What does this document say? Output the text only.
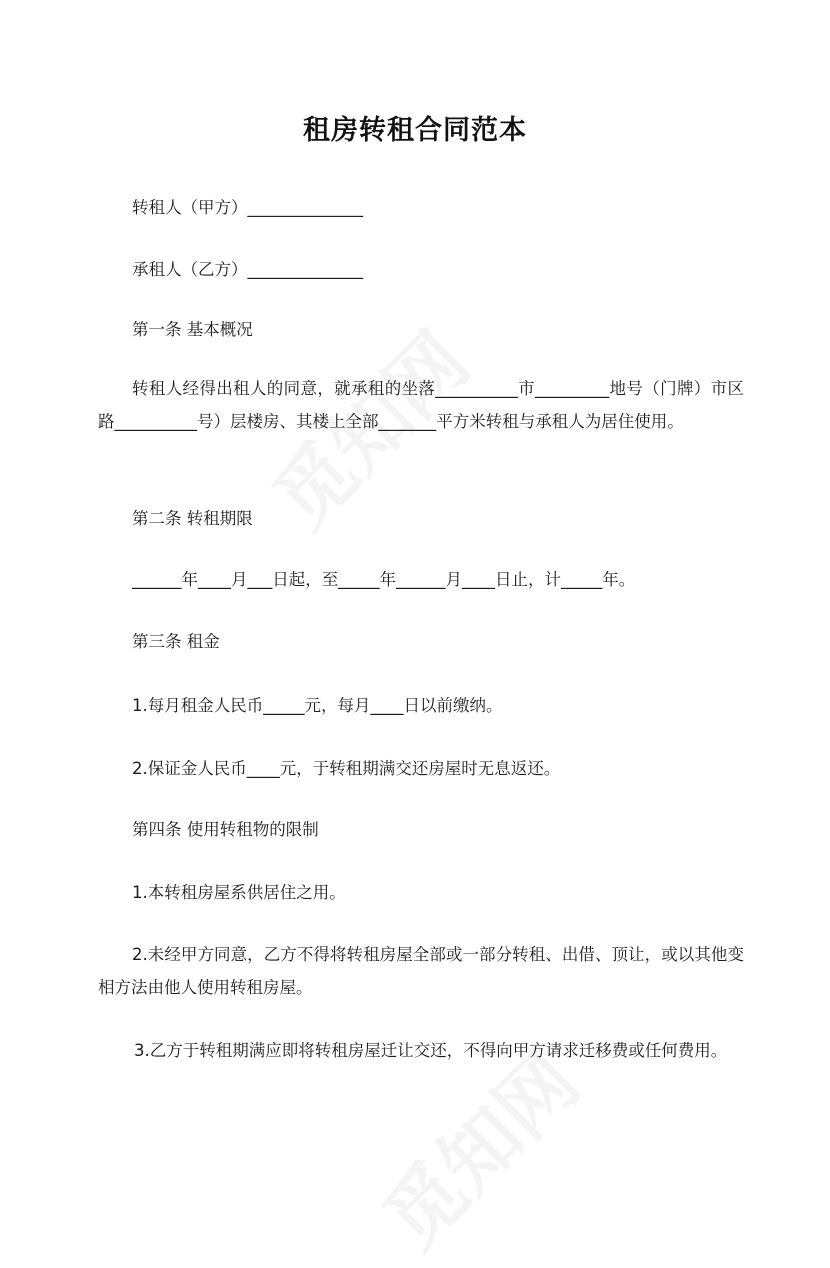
租房转租合同范本
转租人（甲方）______________
承租人（乙方）______________
第一条 基本概况
转租人经得出租人的同意，就承租的坐落__________市_________地号（门牌）市区路__________号）层楼房、其楼上全部_______平方米转租与承租人为居住使用。
第二条 转租期限
______年____月___日起，至_____年______月____日止，计_____年。
第三条 租金
1.每月租金人民币_____元，每月____日以前缴纳。
2.保证金人民币____元，于转租期满交还房屋时无息返还。
第四条 使用转租物的限制
1.本转租房屋系供居住之用。
2.未经甲方同意，乙方不得将转租房屋全部或一部分转租、出借、顶让，或以其他变相方法由他人使用转租房屋。
3.乙方于转租期满应即将转租房屋迁让交还，不得向甲方请求迁移费或任何费用。
